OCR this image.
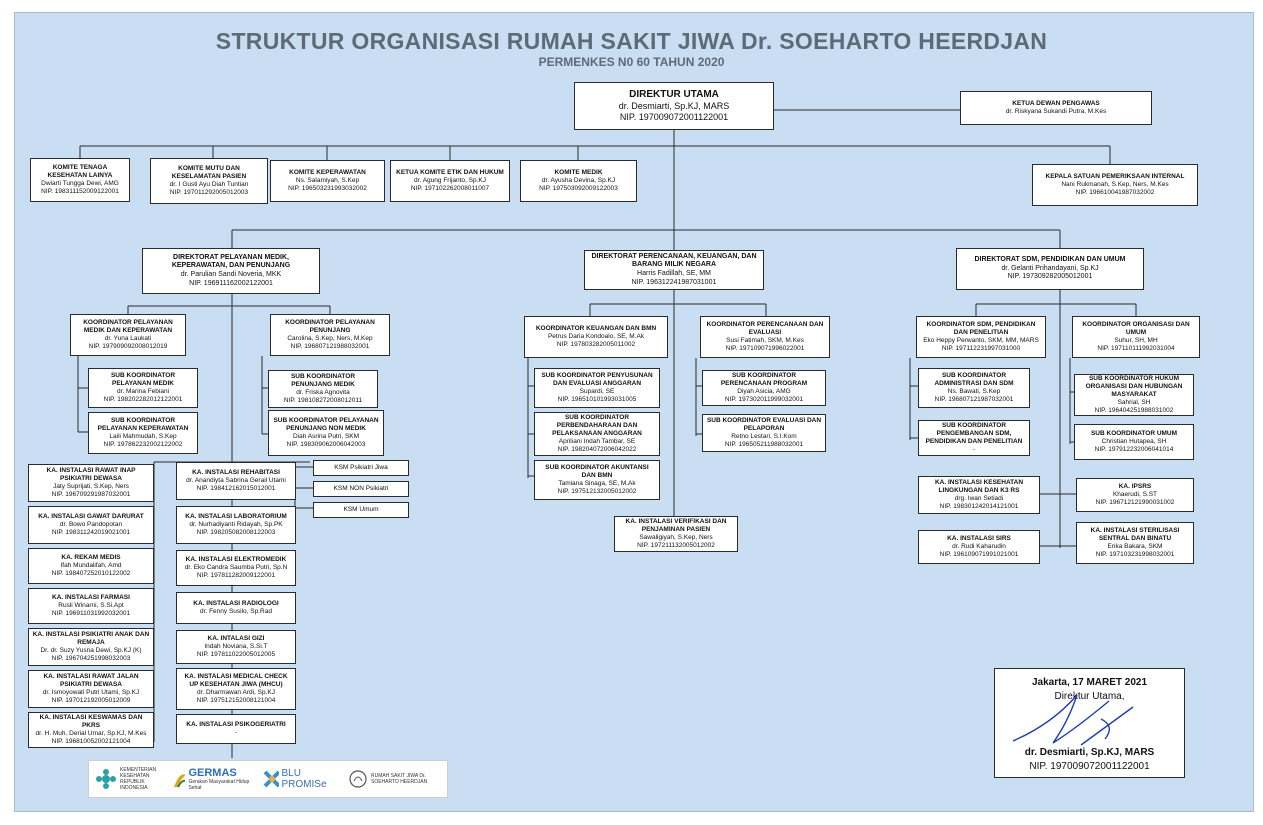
STRUKTUR ORGANISASI RUMAH SAKIT JIWA Dr. SOEHARTO HEERDJAN
PERMENKES N0 60 TAHUN 2020
DIREKTUR UTAMA
dr. Desmiarti, Sp.KJ, MARS
NIP. 197009072001122001
KETUA DEWAN PENGAWAS
dr. Riskyana Sukandi Putra, M.Kes
KOMITE TENAGA KESEHATAN LAINYA
Dwiarti Tungga Dewi, AMG
NIP. 198311152009122001
KOMITE MUTU DAN KESELAMATAN PASIEN
dr. I Gusti Ayu Diah Tuntian
NIP. 197011292005012003
KOMITE KEPERAWATAN
Ns. Salamiyah, S.Kep
NIP. 196503231993032002
KETUA KOMITE ETIK DAN HUKUM
dr. Agung Frijanto, Sp.KJ
NIP. 197102262008011007
KOMITE MEDIK
dr. Ayusha Devina, Sp.KJ
NIP. 197503092009122003
KEPALA SATUAN PEMERIKSAAN INTERNAL
Nani Rukmanah, S.Kep, Ners, M.Kes
NIP. 196610041987032002
DIREKTORAT PELAYANAN MEDIK, KEPERAWATAN, DAN PENUNJANG
dr. Parulian Sandi Noveria, MKK
NIP. 196911162002122001
DIREKTORAT PERENCANAAN, KEUANGAN, DAN BARANG MILIK NEGARA
Harris Fadillah, SE, MM
NIP. 196312241987031001
DIREKTORAT SDM, PENDIDIKAN DAN UMUM
dr. Gelanti Prihandayani, Sp.KJ
NIP. 197309282005012001
KOORDINATOR PELAYANAN MEDIK DAN KEPERAWATAN
dr. Yuna Laukati
NIP. 197909092008012019
KOORDINATOR PELAYANAN PENUNJANG
Carolina, S.Kep, Ners, M.Kep
NIP. 196807121988032001
KOORDINATOR KEUANGAN DAN BMN
Petrus Daria Kondoalo, SE, M.Ak
NIP. 197803282005011002
KOORDINATOR PERENCANAAN DAN EVALUASI
Susi Fatimah, SKM, M.Kes
NIP. 197109071996022001
KOORDINATOR SDM, PENDIDIKAN DAN PENELITIAN
Eko Heppy Perwanto, SKM, MM, MARS
NIP. 197112231997031000
KOORDINATOR ORGANISASI DAN UMUM
Suhur, SH, MH
NIP. 197110111992031004
SUB KOORDINATOR PELAYANAN MEDIK
dr. Marina Febiani
NIP. 198202282012122001
SUB KOORDINATOR PELAYANAN KEPERAWATAN
Laili Mahmudah, S.Kep
NIP. 197862232002122002
SUB KOORDINATOR PENUNJANG MEDIK
dr. Friska Agnovita
NIP. 198108272008012011
SUB KOORDINATOR PELAYANAN PENUNJANG NON MEDIK
Diah Asrina Putri, SKM
NIP. 198309062006042003
SUB KOORDINATOR PENYUSUNAN DAN EVALUASI ANGGARAN
Supardi, SE
NIP. 196510101993031005
SUB KOORDINATOR PERBENDAHARAAN DAN PELAKSANAAN ANGGARAN
Apriliani Indah Tambar, SE
NIP. 198204072006042022
SUB KOORDINATOR AKUNTANSI DAN BMN
Tamiana Sinaga, SE, M.Ak
NIP. 197512132005012002
SUB KOORDINATOR PERENCANAAN PROGRAM
Diyah Asicia, AMG
NIP. 197302011999032001
SUB KOORDINATOR EVALUASI DAN PELAPORAN
Retno Lestari, S.I.Kom
NIP. 196505211988032001
SUB KOORDINATOR ADMINISTRASI DAN SDM
Ns. Bawati, S.Kep
NIP. 196807121987032001
SUB KOORDINATOR PENGEMBANGAN SDM, PENDIDIKAN DAN PENELITIAN
-
SUB KOORDINATOR HUKUM ORGANISASI DAN HUBUNGAN MASYARAKAT
Sahrial, SH
NIP. 196404251988031002
SUB KOORDINATOR UMUM
Christian Hutapea, SH
NIP. 197912232006041014
KA. INSTALASI RAWAT INAP PSIKIATRI DEWASA
Jaty Suprijati, S.Kep, Ners
NIP. 196709291987032001
KA. INSTALASI GAWAT DARURAT
dr. Bowo Pandopotan
NIP. 198311242019021001
KA. REKAM MEDIS
Ifah Mundalifah, Amd
NIP. 198407252010122002
KA. INSTALASI FARMASI
Rusli Winarni, S.Si.Apt
NIP. 196911031992032001
KA. INSTALASI PSIKIATRI ANAK DAN REMAJA
Dr. dr. Suzy Yusna Dewi, Sp.KJ (K)
NIP. 196704251998032003
KA. INSTALASI RAWAT JALAN PSIKIATRI DEWASA
dr. Ismoyowati Putri Utami, Sp.KJ
NIP. 197012192005012009
KA. INSTALASI KESWAMAS DAN PKRS
dr. H. Muh. Derial Umar, Sp.KJ, M.Kes
NIP. 196810052002121004
KA. INSTALASI REHABITASI
dr. Anandiyta Sabrina Gerail Utami
NIP. 198412162015012001
KA. INSTALASI LABORATORIUM
dr. Nurhadiyanti Ridayah, Sp.PK
NIP. 198205082008122003
KA. INSTALASI ELEKTROMEDIK
dr. Eko Candra Saumba Putri, Sp.N
NIP. 197811282009122001
KA. INSTALASI RADIOLOGI
dr. Fenny Susilo, Sp.Rad
KA. INTALASI GIZI
Indah Noviana, S.Si.T
NIP. 197811022005012005
KA. INSTALASI MEDICAL CHECK UP KESEHATAN JIWA (MHCU)
dr. Dharmawan Ardi, Sp.KJ
NIP. 197512152008121004
KA. INSTALASI PSIKOGERIATRI
-
KSM Psikiatri Jiwa
KSM NON Psikiatri
KSM Umum
KA. INSTALASI VERIFIKASI DAN PENJAMINAN PASIEN
Sawaligiyah, S.Kep, Ners
NIP. 197211132005012002
KA. INSTALASI KESEHATAN LINGKUNGAN DAN K3 RS
drg. Iwan Setiadi
NIP. 198301242014121001
KA. IPSRS
Khaerudi, S.ST
NIP. 196712121990031002
KA. INSTALASI SIRS
dr. Rudi Kaharudin
NIP. 196109071991021001
KA. INSTALASI STERILISASI SENTRAL DAN BINATU
Erika Bakara, SKM
NIP. 197103231998032001
Jakarta, 17 MARET 2021
Direktur Utama,
dr. Desmiarti, Sp.KJ, MARS
NIP. 197009072001122001
KEMENTERIAN KESEHATAN REPUBLIK INDONESIA
GERMAS
Gerakan Masyarakat Hidup Sehat
BLU PROMISe
RUMAH SAKIT JIWA Dr. SOEHARTO HEERDJAN
